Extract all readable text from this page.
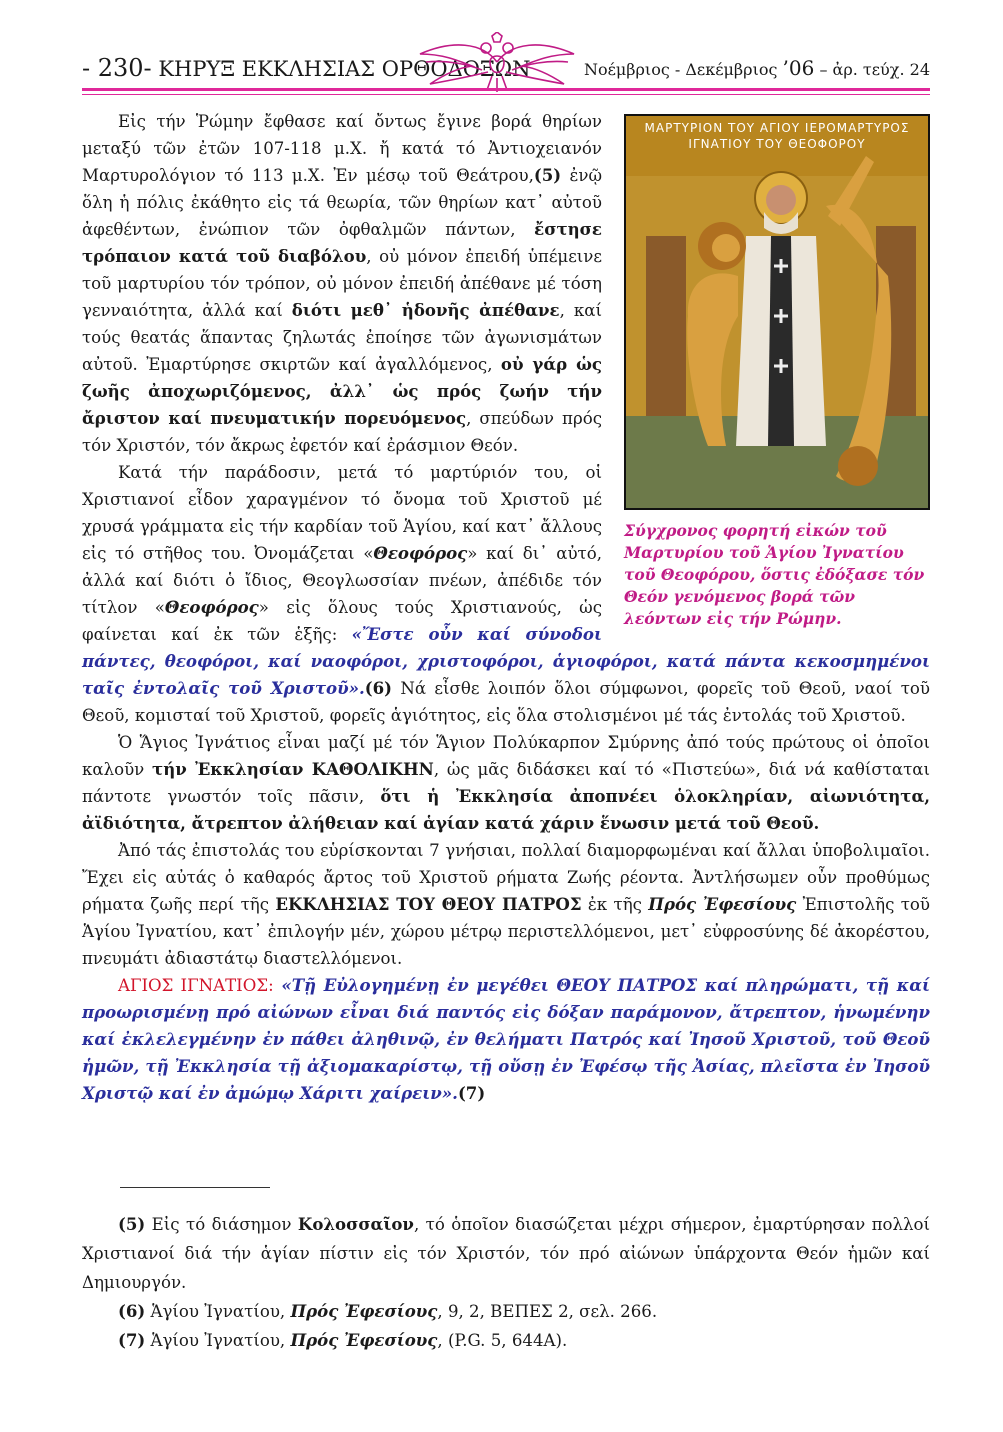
- 230- ΚΗΡΥΞ ΕΚΚΛΗΣΙΑΣ ΟΡΘΟΔΟΞΩΝ	Νοέμβριος - Δεκέμβριος ’06 – ἀρ. τεύχ. 24
ΜΑΡΤΥΡΙΟΝ ΤΟΥ ΑΓΙΟΥ ΙΕΡΟΜΑΡΤΥΡΟΣ ΙΓΝΑΤΙΟΥ ΤΟΥ ΘΕΟΦΟΡΟΥ
Σύγχρονος φορητή εἰκών τοῦ Μαρτυρίου τοῦ Ἁγίου Ἰγνατίου τοῦ Θεοφόρου, ὅστις ἐδόξασε τόν Θεόν γενόμενος βορά τῶν λεόντων εἰς τήν Ρώμην.

Εἰς τήν Ῥώμην ἔφθασε καί ὄντως ἔγινε βορά θηρίων μεταξύ τῶν ἐτῶν 107-118 μ.Χ. ἤ κατά τό Ἀντιοχειανόν Μαρτυρολόγιον τό 113 μ.Χ. Ἐν μέσῳ τοῦ Θεάτρου,(5) ἐνῷ ὅλη ἡ πόλις ἐκάθητο εἰς τά θεωρία, τῶν θηρίων κατ᾽ αὐτοῦ ἀφεθέντων, ἐνώπιον τῶν ὀφθαλμῶν πάντων, ἔστησε τρόπαιον κατά τοῦ διαβόλου, οὐ μόνον ἐπειδή ὑπέμεινε τοῦ μαρτυρίου τόν τρόπον, οὐ μόνον ἐπειδή ἀπέθανε μέ τόση γενναιότητα, ἀλλά καί διότι μεθ᾽ ἡδονῆς ἀπέθανε, καί τούς θεατάς ἅπαντας ζηλωτάς ἐποίησε τῶν ἀγωνισμάτων αὐτοῦ. Ἐμαρτύρησε σκιρτῶν καί ἀγαλλόμενος, οὐ γάρ ὡς ζωῆς ἀποχωριζόμενος, ἀλλ᾽ ὡς πρός ζωήν τήν ἄριστον καί πνευματικήν πορευόμενος, σπεύδων πρός τόν Χριστόν, τόν ἄκρως ἐφετόν καί ἐράσμιον Θεόν.

Κατά τήν παράδοσιν, μετά τό μαρτύριόν του, οἱ Χριστιανοί εἶδον χαραγμένον τό ὄνομα τοῦ Χριστοῦ μέ χρυσά γράμματα εἰς τήν καρδίαν τοῦ Ἁγίου, καί κατ᾽ ἄλλους εἰς τό στῆθος του. Ὀνομάζεται «Θεοφόρος» καί δι᾽ αὐτό, ἀλλά καί διότι ὁ ἴδιος, Θεογλωσσίαν πνέων, ἀπέδιδε τόν τίτλον «Θεοφόρος» εἰς ὅλους τούς Χριστιανούς, ὡς φαίνεται καί ἐκ τῶν ἑξῆς: «Ἔστε οὖν καί σύνοδοι πάντες, θεοφόροι, καί ναοφόροι, χριστοφόροι, ἁγιοφόροι, κατά πάντα κεκοσμημένοι ταῖς ἐντολαῖς τοῦ Χριστοῦ».(6) Νά εἶσθε λοιπόν ὅλοι σύμφωνοι, φορεῖς τοῦ Θεοῦ, ναοί τοῦ Θεοῦ, κομισταί τοῦ Χριστοῦ, φορεῖς ἁγιότητος, εἰς ὅλα στολισμένοι μέ τάς ἐντολάς τοῦ Χριστοῦ.

Ὁ Ἅγιος Ἰγνάτιος εἶναι μαζί μέ τόν Ἅγιον Πολύκαρπον Σμύρνης ἀπό τούς πρώτους οἱ ὁποῖοι καλοῦν τήν Ἐκκλησίαν ΚΑΘΟΛΙΚΗΝ, ὡς μᾶς διδάσκει καί τό «Πιστεύω», διά νά καθίσταται πάντοτε γνωστόν τοῖς πᾶσιν, ὅτι ἡ Ἐκκλησία ἀποπνέει ὁλοκληρίαν, αἰωνιότητα, ἀϊδιότητα, ἄτρεπτον ἀλήθειαν καί ἁγίαν κατά χάριν ἕνωσιν μετά τοῦ Θεοῦ.

Ἀπό τάς ἐπιστολάς του εὑρίσκονται 7 γνήσιαι, πολλαί διαμορφωμέναι καί ἄλλαι ὑποβολιμαῖοι. Ἔχει εἰς αὐτάς ὁ καθαρός ἄρτος τοῦ Χριστοῦ ρήματα Ζωής ρέοντα. Ἀντλήσωμεν οὖν προθύμως ρήματα ζωῆς περί τῆς ΕΚΚΛΗΣΙΑΣ ΤΟΥ ΘΕΟΥ ΠΑΤΡΟΣ ἐκ τῆς Πρός Ἐφεσίους Ἐπιστολῆς τοῦ Ἁγίου Ἰγνατίου, κατ᾽ ἐπιλογήν μέν, χώρου μέτρῳ περιστελλόμενοι, μετ᾽ εὐφροσύνης δέ ἀκορέστου, πνευμάτι ἀδιαστάτῳ διαστελλόμενοι.

ΑΓΙΟΣ ΙΓΝΑΤΙΟΣ: «Τῇ Εὐλογημένῃ ἐν μεγέθει ΘΕΟΥ ΠΑΤΡΟΣ καί πληρώματι, τῇ καί προωρισμένῃ πρό αἰώνων εἶναι διά παντός εἰς δόξαν παράμονον, ἄτρεπτον, ἡνωμένην καί ἐκλελεγμένην ἐν πάθει ἀληθινῷ, ἐν θελήματι Πατρός καί Ἰησοῦ Χριστοῦ, τοῦ Θεοῦ ἡμῶν, τῇ Ἐκκλησία τῇ ἀξιομακαρίστῳ, τῇ οὔσῃ ἐν Ἐφέσῳ τῆς Ἀσίας, πλεῖστα ἐν Ἰησοῦ Χριστῷ καί ἐν ἀμώμῳ Χάριτι χαίρειν».(7)

(5) Εἰς τό διάσημον Κολοσσαῖον, τό ὁποῖον διασώζεται μέχρι σήμερον, ἐμαρτύρησαν πολλοί Χριστιανοί διά τήν ἁγίαν πίστιν εἰς τόν Χριστόν, τόν πρό αἰώνων ὑπάρχοντα Θεόν ἡμῶν καί Δημιουργόν.

(6) Ἁγίου Ἰγνατίου, Πρός Ἐφεσίους, 9, 2, ΒΕΠΕΣ 2, σελ. 266.

(7) Ἁγίου Ἰγνατίου, Πρός Ἐφεσίους, (P.G. 5, 644A).
